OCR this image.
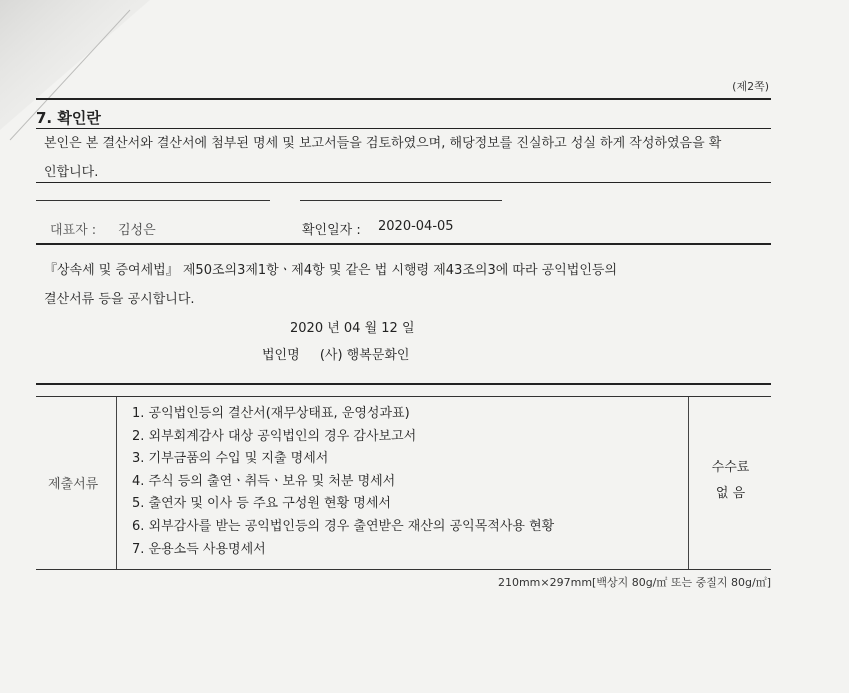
(제2쪽)
7. 확인란
본인은 본 결산서와 결산서에 첨부된 명세 및 보고서들을 검토하였으며, 해당정보를 진실하고 성실 하게 작성하였음을 확
인합니다.
대표자 : 김성은	확인일자 : 2020-04-05
『상속세 및 증여세법』 제50조의3제1항ㆍ제4항 및 같은 법 시행령 제43조의3에 따라 공익법인등의
결산서류 등을 공시합니다.
2020 년 04 월 12 일
법인명 (사) 행복문화인
제출서류
1. 공익법인등의 결산서(재무상태표, 운영성과표)
2. 외부회계감사 대상 공익법인의 경우 감사보고서
3. 기부금품의 수입 및 지출 명세서
4. 주식 등의 출연ㆍ취득ㆍ보유 및 처분 명세서
5. 출연자 및 이사 등 주요 구성원 현황 명세서
6. 외부감사를 받는 공익법인등의 경우 출연받은 재산의 공익목적사용 현황
7. 운용소득 사용명세서
수수료
없 음
210mm×297mm[백상지 80g/㎡ 또는 중질지 80g/㎡]
